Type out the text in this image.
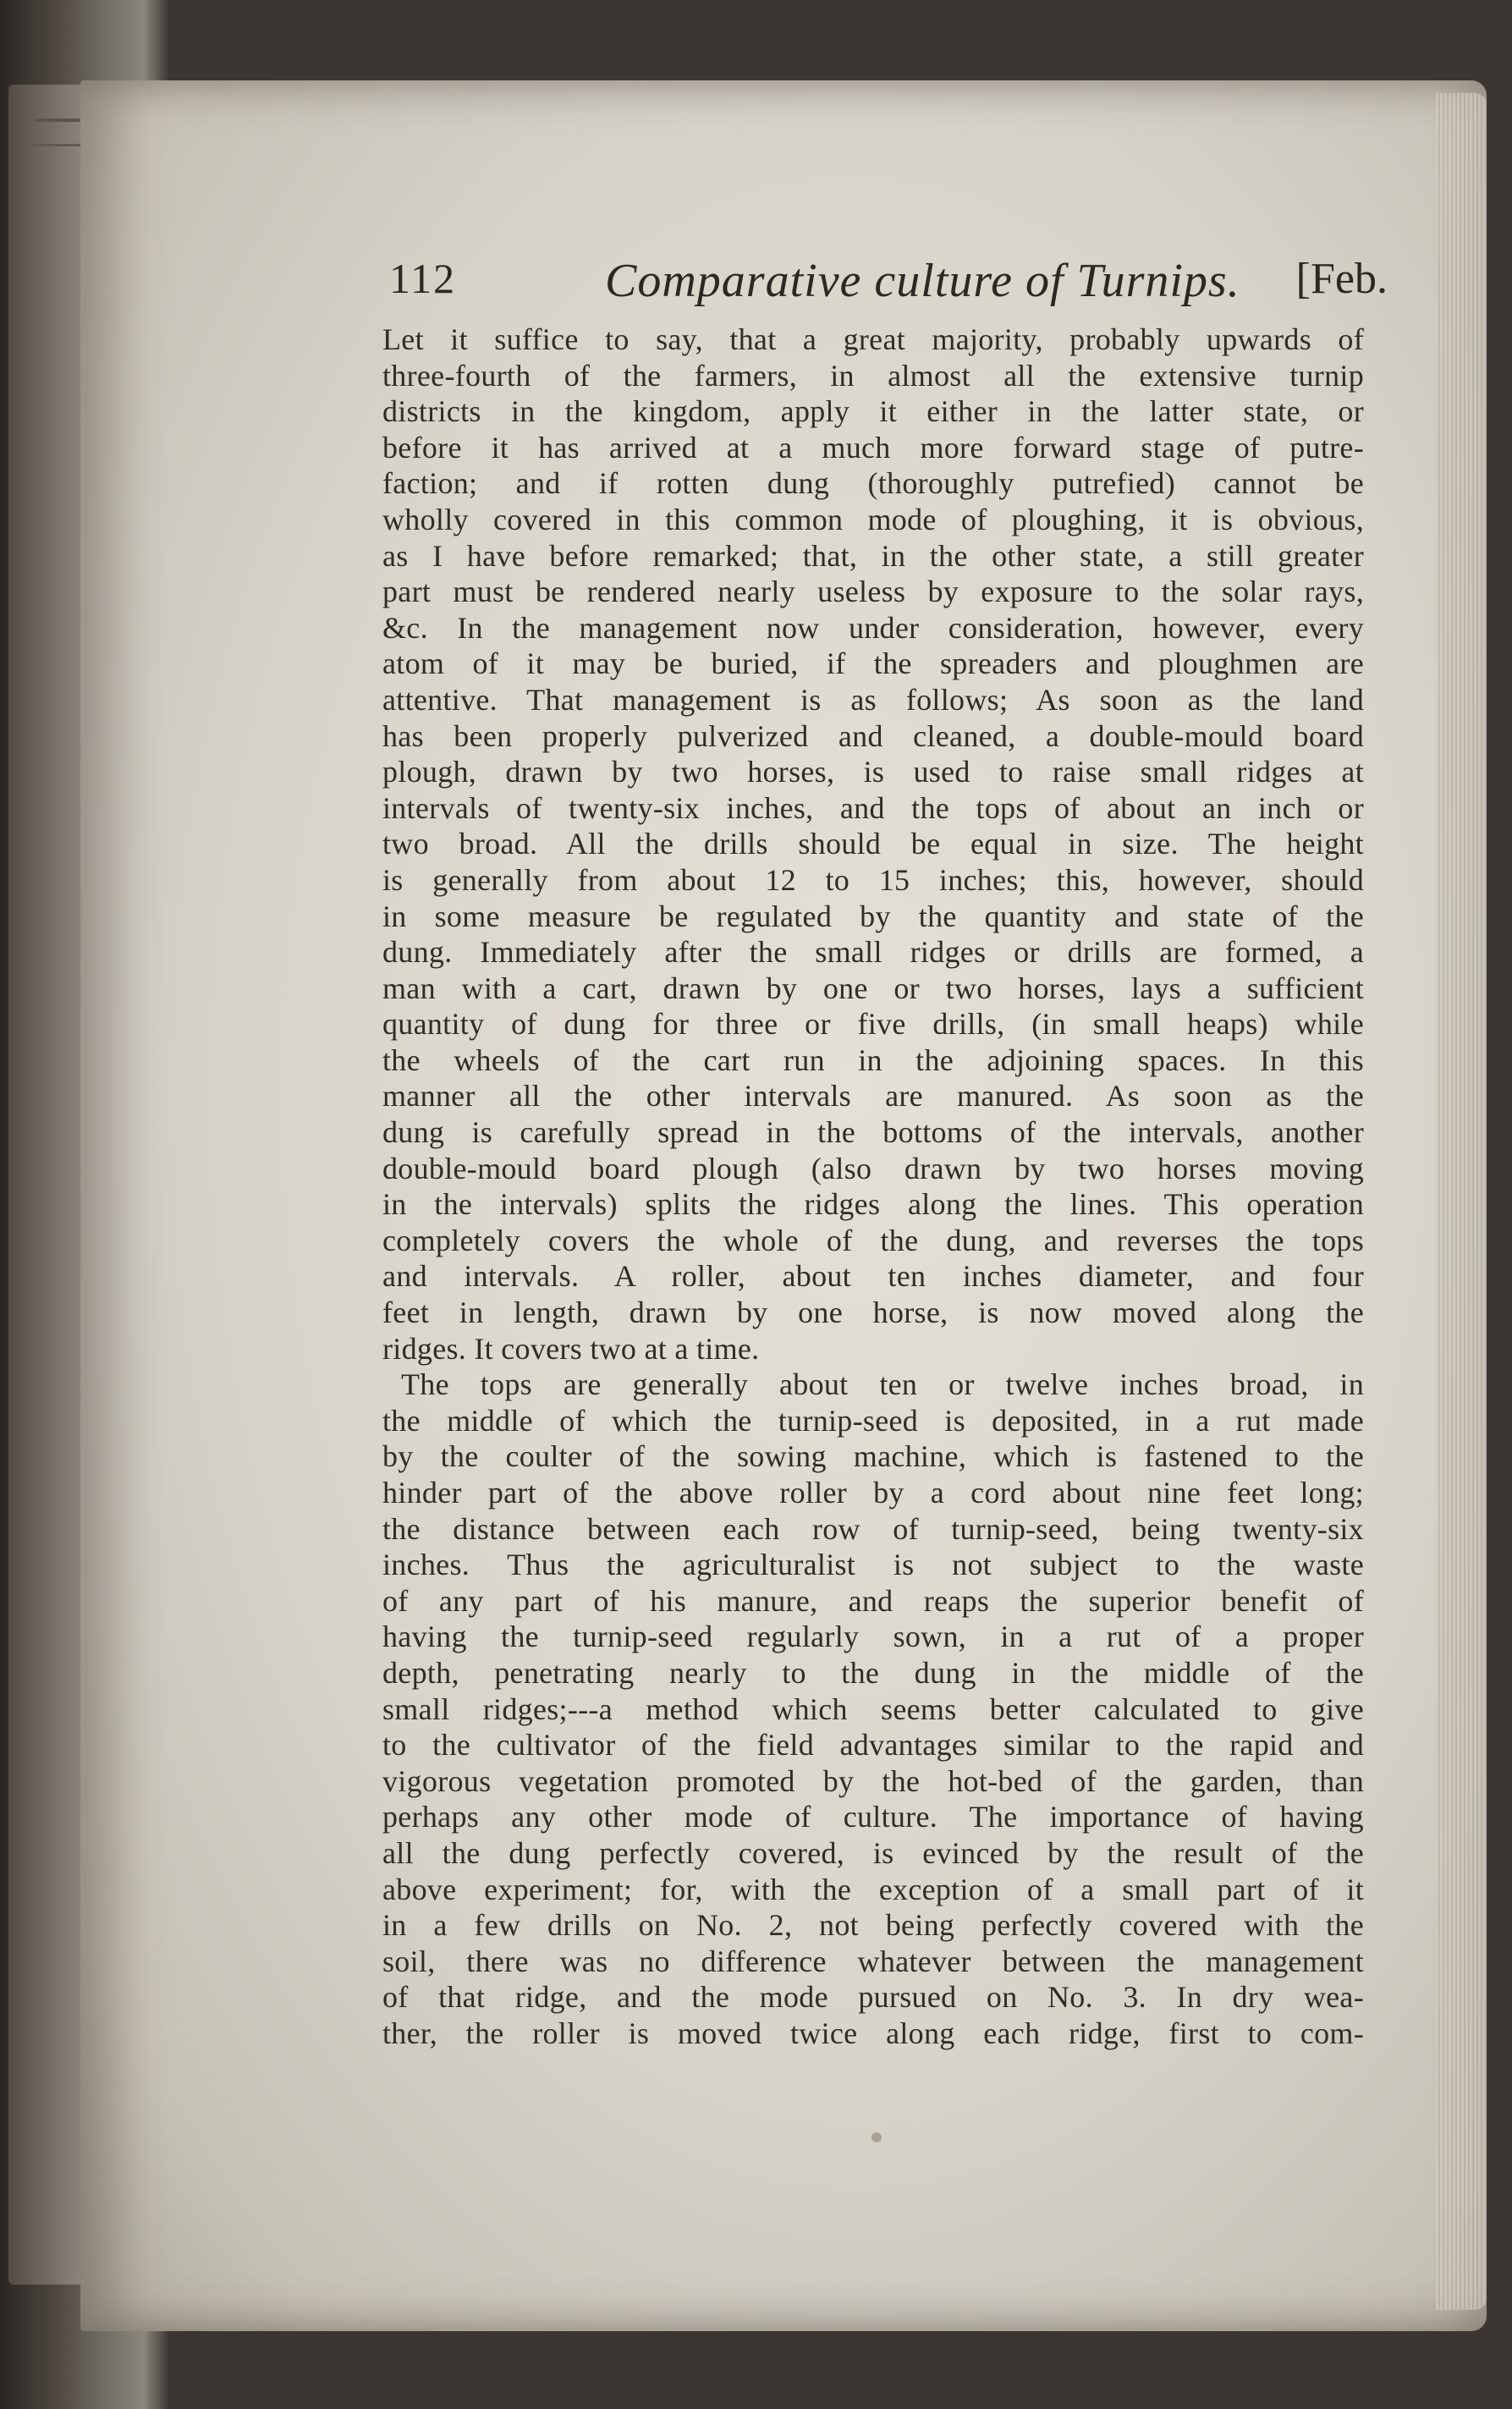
112	Comparative culture of Turnips. [Feb.
Let it suffice to say, that a great majority, probably upwards of
three-fourth of the farmers, in almost all the extensive turnip
districts in the kingdom, apply it either in the latter state, or
before it has arrived at a much more forward stage of putre-
faction; and if rotten dung (thoroughly putrefied) cannot be
wholly covered in this common mode of ploughing, it is obvious,
as I have before remarked; that, in the other state, a still greater
part must be rendered nearly useless by exposure to the solar rays,
&c. In the management now under consideration, however, every
atom of it may be buried, if the spreaders and ploughmen are
attentive. That management is as follows; As soon as the land
has been properly pulverized and cleaned, a double-mould board
plough, drawn by two horses, is used to raise small ridges at
intervals of twenty-six inches, and the tops of about an inch or
two broad. All the drills should be equal in size. The height
is generally from about 12 to 15 inches; this, however, should
in some measure be regulated by the quantity and state of the
dung. Immediately after the small ridges or drills are formed, a
man with a cart, drawn by one or two horses, lays a sufficient
quantity of dung for three or five drills, (in small heaps) while
the wheels of the cart run in the adjoining spaces. In this
manner all the other intervals are manured. As soon as the
dung is carefully spread in the bottoms of the intervals, another
double-mould board plough (also drawn by two horses moving
in the intervals) splits the ridges along the lines. This operation
completely covers the whole of the dung, and reverses the tops
and intervals. A roller, about ten inches diameter, and four
feet in length, drawn by one horse, is now moved along the
ridges. It covers two at a time.
The tops are generally about ten or twelve inches broad, in
the middle of which the turnip-seed is deposited, in a rut made
by the coulter of the sowing machine, which is fastened to the
hinder part of the above roller by a cord about nine feet long;
the distance between each row of turnip-seed, being twenty-six
inches. Thus the agriculturalist is not subject to the waste
of any part of his manure, and reaps the superior benefit of
having the turnip-seed regularly sown, in a rut of a proper
depth, penetrating nearly to the dung in the middle of the
small ridges;---a method which seems better calculated to give
to the cultivator of the field advantages similar to the rapid and
vigorous vegetation promoted by the hot-bed of the garden, than
perhaps any other mode of culture. The importance of having
all the dung perfectly covered, is evinced by the result of the
above experiment; for, with the exception of a small part of it
in a few drills on No. 2, not being perfectly covered with the
soil, there was no difference whatever between the management
of that ridge, and the mode pursued on No. 3. In dry wea-
ther, the roller is moved twice along each ridge, first to com-
